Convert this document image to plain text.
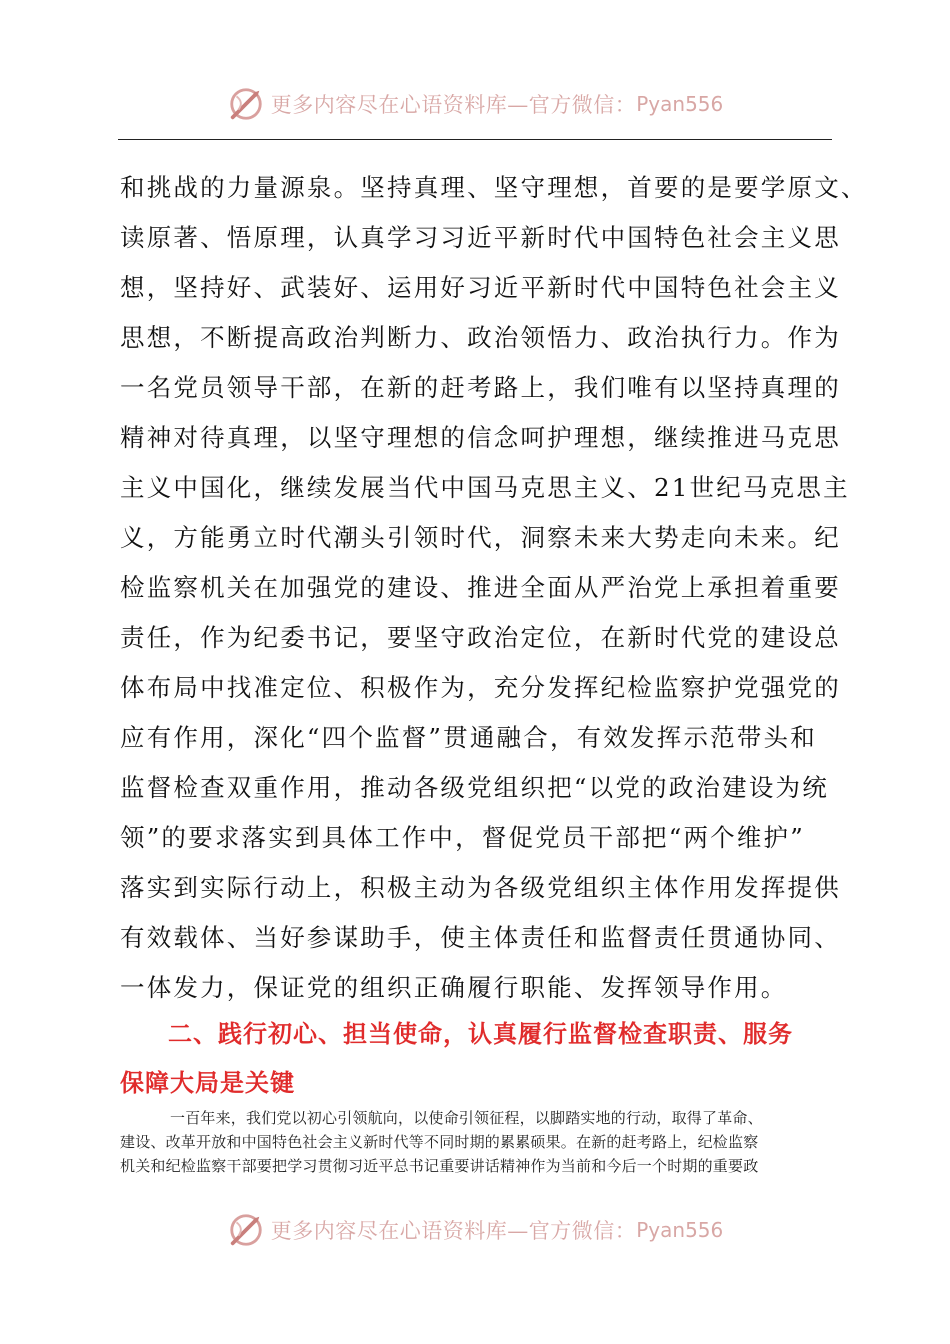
更多内容尽在心语资料库—官方微信： Pyan556
和挑战的力量源泉。坚持真理、坚守理想，首要的是要学原文、
读原著、悟原理，认真学习习近平新时代中国特色社会主义思
想，坚持好、武装好、运用好习近平新时代中国特色社会主义
思想，不断提高政治判断力、政治领悟力、政治执行力。作为
一名党员领导干部，在新的赶考路上，我们唯有以坚持真理的
精神对待真理，以坚守理想的信念呵护理想，继续推进马克思
主义中国化，继续发展当代中国马克思主义、21世纪马克思主
义，方能勇立时代潮头引领时代，洞察未来大势走向未来。纪
检监察机关在加强党的建设、推进全面从严治党上承担着重要
责任，作为纪委书记，要坚守政治定位，在新时代党的建设总
体布局中找准定位、积极作为，充分发挥纪检监察护党强党的
应有作用，深化“四个监督”贯通融合，有效发挥示范带头和
监督检查双重作用，推动各级党组织把“以党的政治建设为统
领”的要求落实到具体工作中，督促党员干部把“两个维护”
落实到实际行动上，积极主动为各级党组织主体作用发挥提供
有效载体、当好参谋助手，使主体责任和监督责任贯通协同、
一体发力，保证党的组织正确履行职能、发挥领导作用。
二、践行初心、担当使命，认真履行监督检查职责、服务
保障大局是关键
一百年来，我们党以初心引领航向，以使命引领征程，以脚踏实地的行动，取得了革命、
建设、改革开放和中国特色社会主义新时代等不同时期的累累硕果。在新的赶考路上，纪检监察
机关和纪检监察干部要把学习贯彻习近平总书记重要讲话精神作为当前和今后一个时期的重要政
更多内容尽在心语资料库—官方微信： Pyan556
